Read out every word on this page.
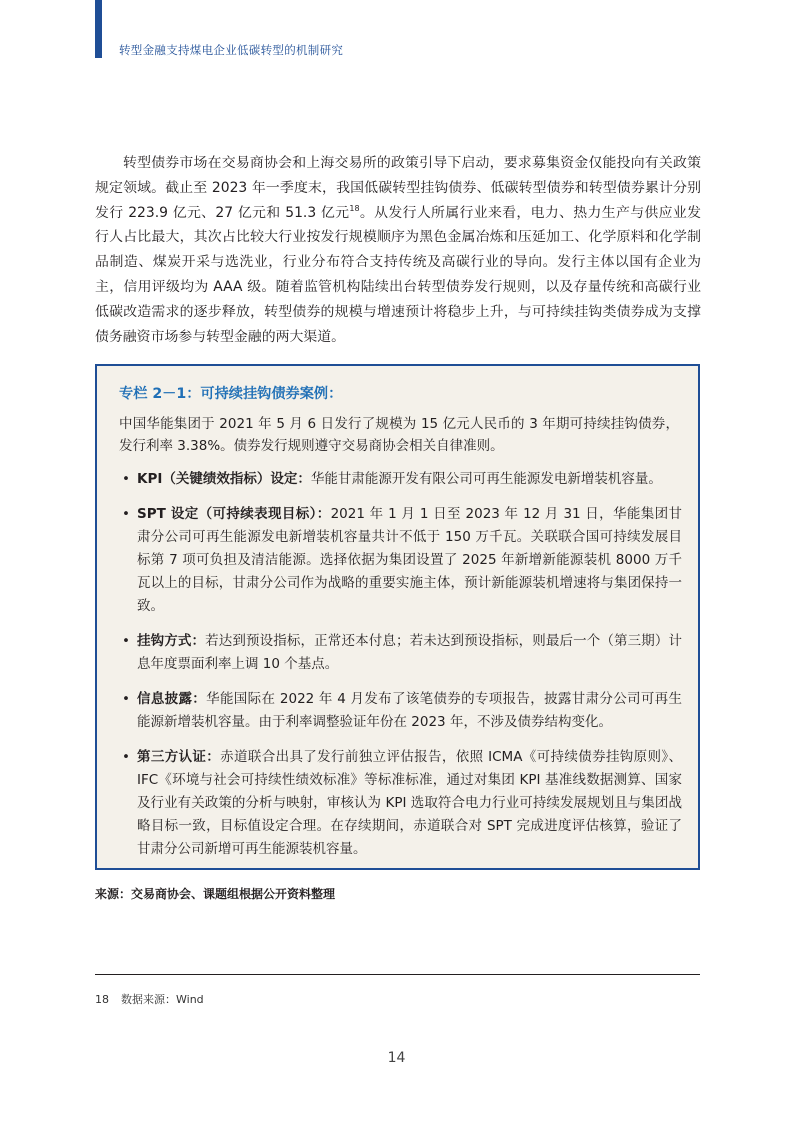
转型金融支持煤电企业低碳转型的机制研究

转型债券市场在交易商协会和上海交易所的政策引导下启动，要求募集资金仅能投向有关政策规定领域。截止至 2023 年一季度末，我国低碳转型挂钩债券、低碳转型债券和转型债券累计分别发行 223.9 亿元、27 亿元和 51.3 亿元$^{18}$。从发行人所属行业来看，电力、热力生产与供应业发行人占比最大，其次占比较大行业按发行规模顺序为黑色金属冶炼和压延加工、化学原料和化学制品制造、煤炭开采与选洗业，行业分布符合支持传统及高碳行业的导向。发行主体以国有企业为主，信用评级均为 AAA 级。随着监管机构陆续出台转型债券发行规则，以及存量传统和高碳行业低碳改造需求的逐步释放，转型债券的规模与增速预计将稳步上升，与可持续挂钩类债券成为支撑债务融资市场参与转型金融的两大渠道。

专栏 2－1：可持续挂钩债券案例：

中国华能集团于 2021 年 5 月 6 日发行了规模为 15 亿元人民币的 3 年期可持续挂钩债券，发行利率 3.38%。债券发行规则遵守交易商协会相关自律准则。

• KPI（关键绩效指标）设定：华能甘肃能源开发有限公司可再生能源发电新增装机容量。
• SPT 设定（可持续表现目标）：2021 年 1 月 1 日至 2023 年 12 月 31 日，华能集团甘肃分公司可再生能源发电新增装机容量共计不低于 150 万千瓦。关联联合国可持续发展目标第 7 项可负担及清洁能源。选择依据为集团设置了 2025 年新增新能源装机 8000 万千瓦以上的目标，甘肃分公司作为战略的重要实施主体，预计新能源装机增速将与集团保持一致。
• 挂钩方式：若达到预设指标，正常还本付息；若未达到预设指标，则最后一个（第三期）计息年度票面利率上调 10 个基点。
• 信息披露：华能国际在 2022 年 4 月发布了该笔债券的专项报告，披露甘肃分公司可再生能源新增装机容量。由于利率调整验证年份在 2023 年，不涉及债券结构变化。
• 第三方认证：赤道联合出具了发行前独立评估报告，依照 ICMA《可持续债券挂钩原则》、IFC《环境与社会可持续性绩效标准》等标准标准，通过对集团 KPI 基准线数据测算、国家及行业有关政策的分析与映射，审核认为 KPI 选取符合电力行业可持续发展规划且与集团战略目标一致，目标值设定合理。在存续期间，赤道联合对 SPT 完成进度评估核算，验证了甘肃分公司新增可再生能源装机容量。
来源：交易商协会、课题组根据公开资料整理
18 数据来源：Wind
14
